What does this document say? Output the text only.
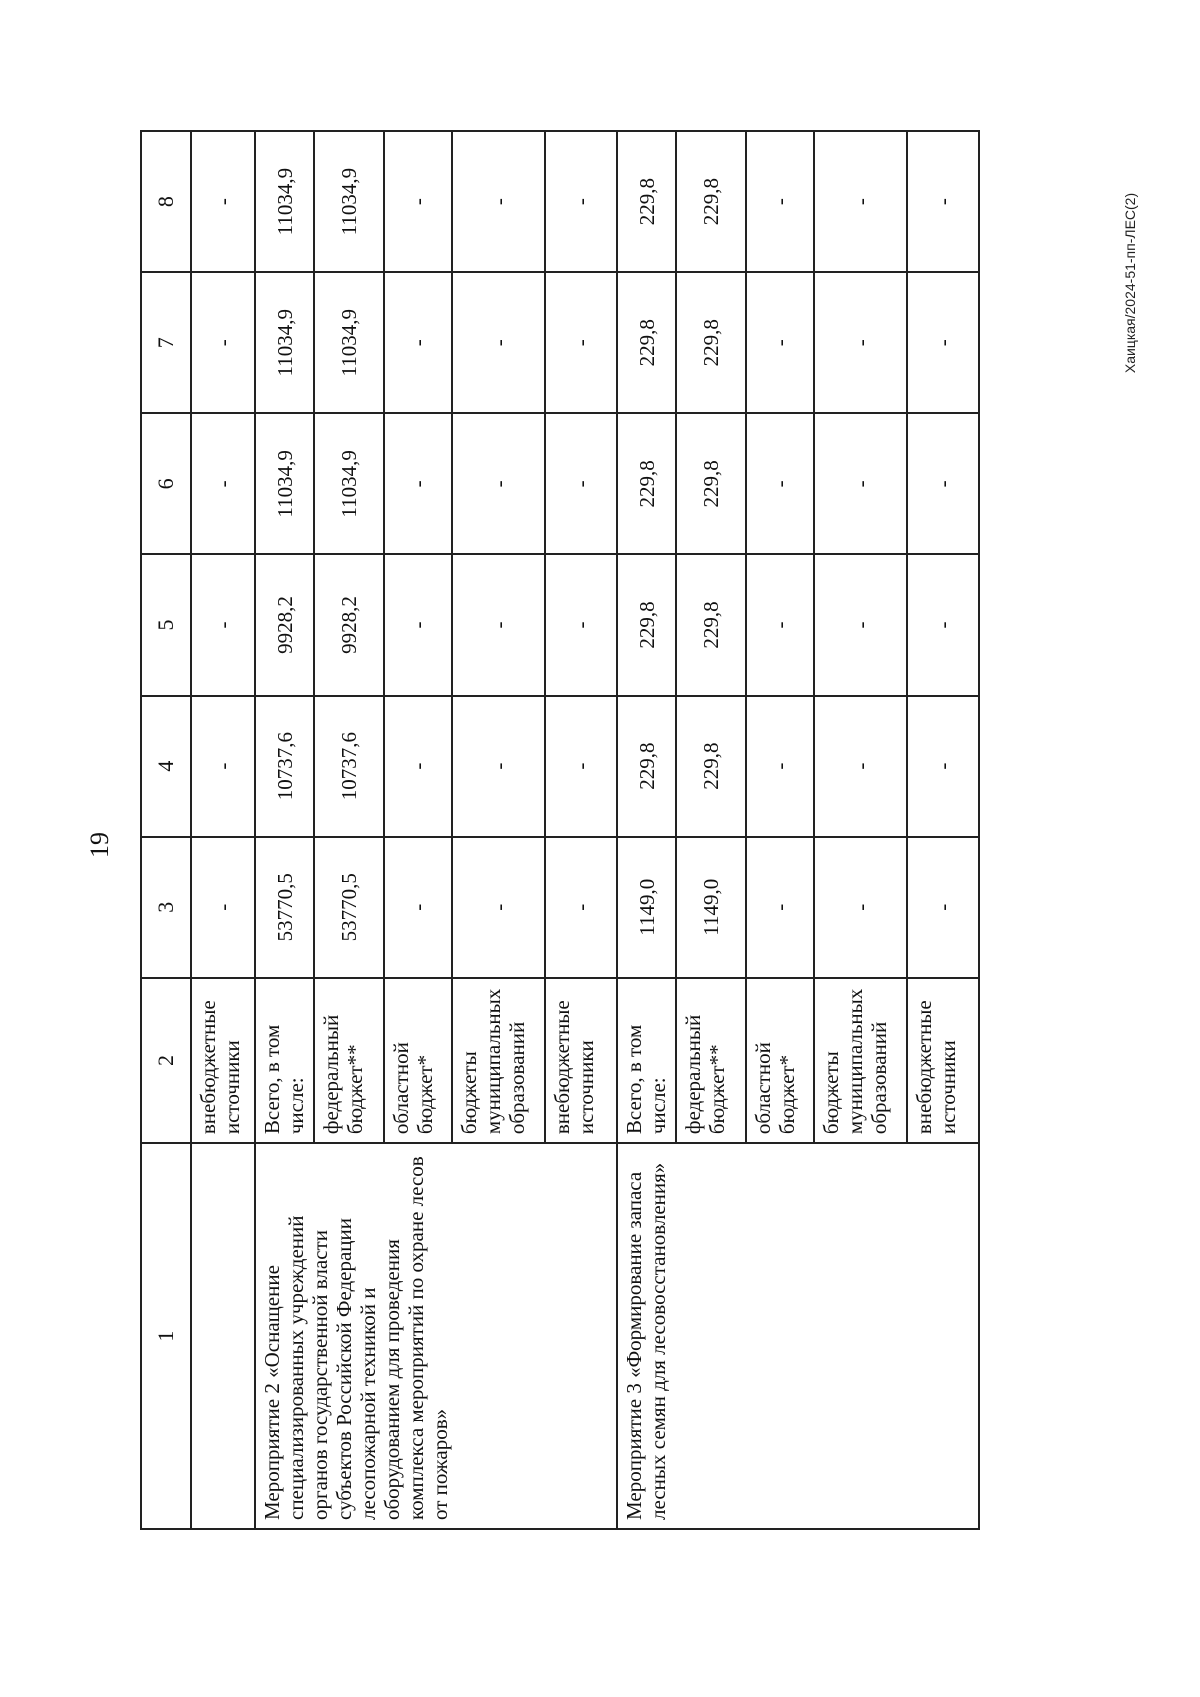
19
Хаицкая/2024-51-пп-ЛЕС(2)
1	2	3	4	5	6	7	8
	внебюджетные источники	-	-	-	-	-	-
Мероприятие 2 «Оснащение специализированных учреждений органов государственной власти субъектов Российской Федерации лесопожарной техникой и оборудованием для проведения комплекса мероприятий по охране лесов от пожаров»	Всего, в том числе:	53770,5	10737,6	9928,2	11034,9	11034,9	11034,9
	федеральный бюджет**	53770,5	10737,6	9928,2	11034,9	11034,9	11034,9
	областной бюджет*	-	-	-	-	-	-
	бюджеты муниципальных образований	-	-	-	-	-	-
	внебюджетные источники	-	-	-	-	-	-
Мероприятие 3 «Формирование запаса лесных семян для лесовосстановления»	Всего, в том числе:	1149,0	229,8	229,8	229,8	229,8	229,8
	федеральный бюджет**	1149,0	229,8	229,8	229,8	229,8	229,8
	областной бюджет*	-	-	-	-	-	-
	бюджеты муниципальных образований	-	-	-	-	-	-
	внебюджетные источники	-	-	-	-	-	-
